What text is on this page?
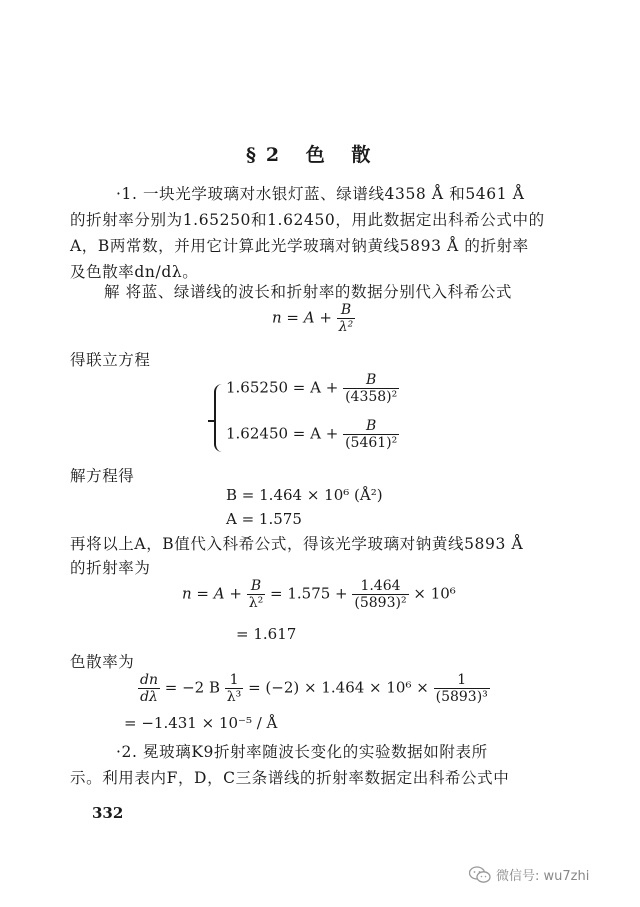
§2 色 散
·1. 一块光学玻璃对水银灯蓝、绿谱线4358 Å 和5461 Å
的折射率分别为1.65250和1.62450，用此数据定出科希公式中的
A，B两常数，并用它计算此光学玻璃对钠黄线5893 Å 的折射率
及色散率dn/dλ。
解 将蓝、绿谱线的波长和折射率的数据分别代入科希公式
$n = A + \frac{B}{\text{λ²}}$
得联立方程
$1.65250 = A + \frac{B}{\text{(4358)²}}$
$1.62450 = A + \frac{B}{\text{(5461)²}}$
解方程得
B = 1.464 × 10⁶ (Å²)
A = 1.575
再将以上A，B值代入科希公式，得该光学玻璃对钠黄线5893 Å
的折射率为
$n = A + \frac{B}{\text{λ²}} = 1.575 + \frac{1.464}{\text{(5893)²}} \times 10^6$
= 1.617
色散率为
$\frac{dn}{d\lambda} = -2$ B $\frac{1}{\text{λ³}} = (-2) \times 1.464 \times 10^6 \times \frac{1}{\text{(5893)³}}$
= −1.431 × 10⁻⁵ / Å
·2. 冕玻璃K9折射率随波长变化的实验数据如附表所
示。利用表内F，D，C三条谱线的折射率数据定出科希公式中
332
微信号: wu7zhi
